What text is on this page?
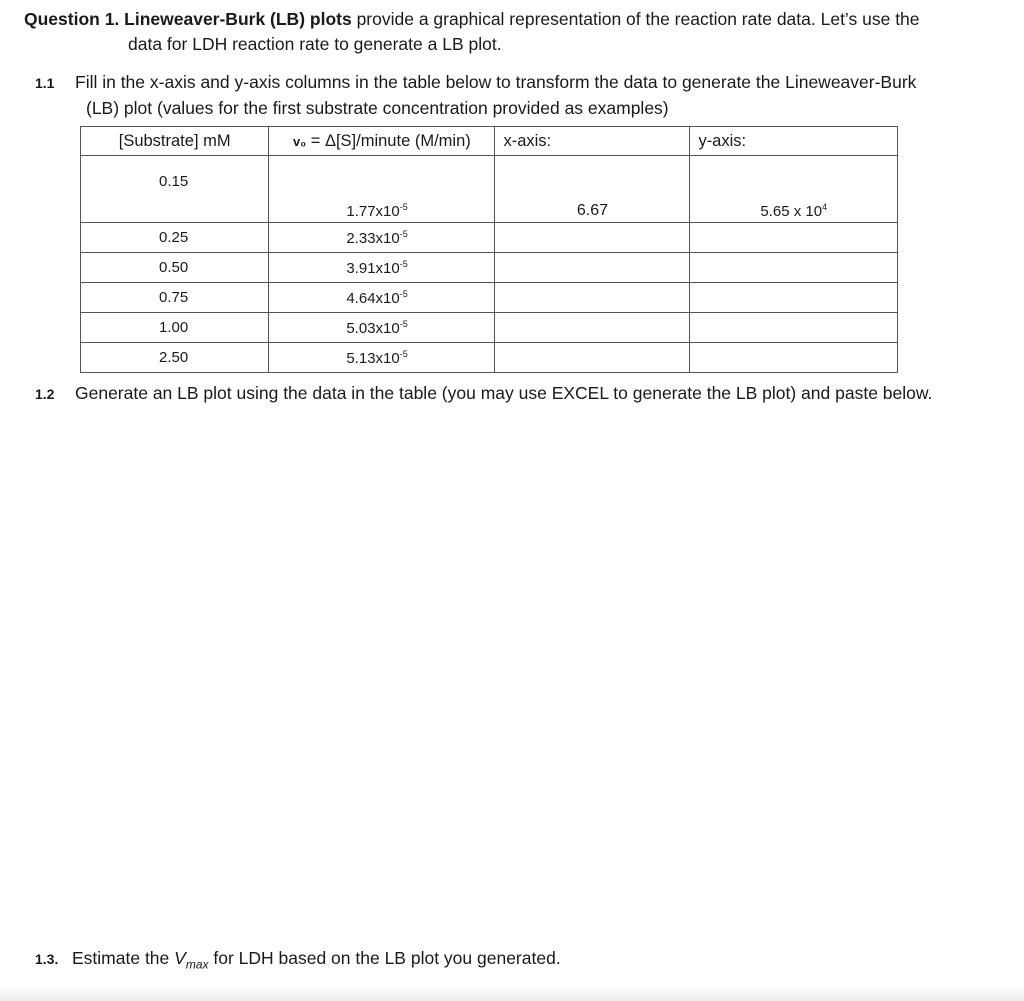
Question 1. Lineweaver-Burk (LB) plots provide a graphical representation of the reaction rate data. Let’s use the
data for LDH reaction rate to generate a LB plot.
1.1 Fill in the x-axis and y-axis columns in the table below to transform the data to generate the Lineweaver-Burk
(LB) plot (values for the first substrate concentration provided as examples)
[Substrate] mM	v₀ = Δ[S]/minute (M/min)	x-axis:	y-axis:
0.15	$1.77x10^{-5}$	6.67	5.65 x $10^4$
0.25	$2.33x10^{-5}$		
0.50	$3.91x10^{-5}$		
0.75	$4.64x10^{-5}$		
1.00	$5.03x10^{-5}$		
2.50	$5.13x10^{-5}$		
1.2 Generate an LB plot using the data in the table (you may use EXCEL to generate the LB plot) and paste below.
1.3. Estimate the $V_{max}$ for LDH based on the LB plot you generated.
